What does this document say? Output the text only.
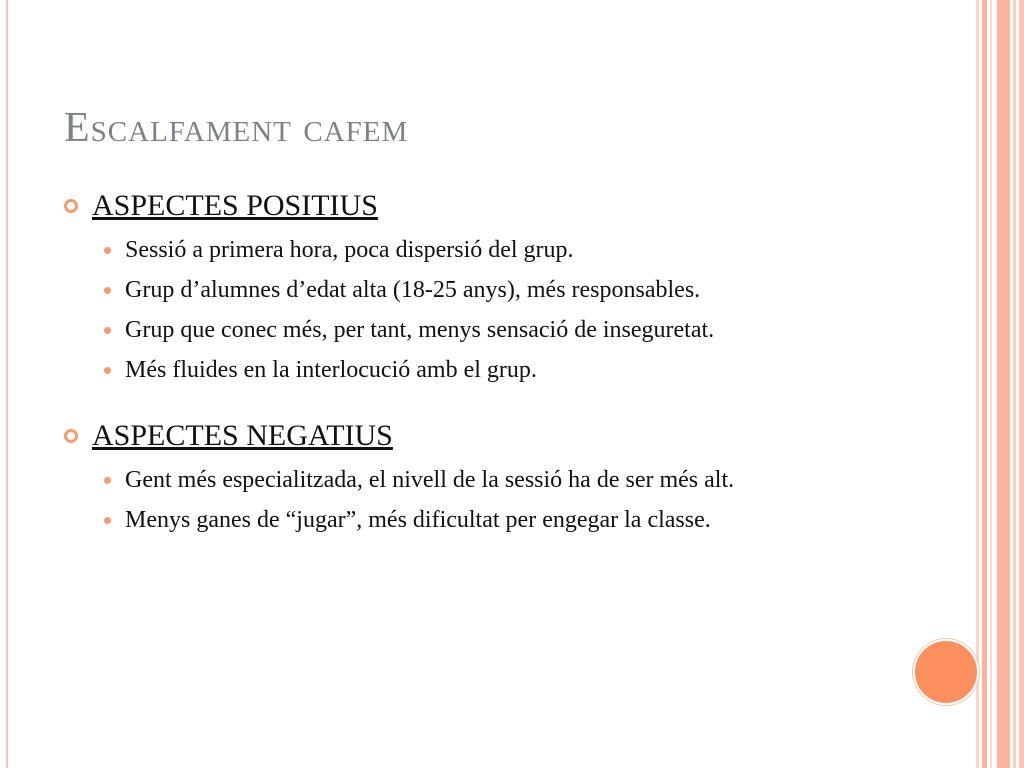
Escalfament cafem
ASPECTES POSITIUS
Sessió a primera hora, poca dispersió del grup.
Grup d’alumnes d’edat alta (18-25 anys), més responsables.
Grup que conec més, per tant, menys sensació de inseguretat.
Més fluides en la interlocució amb el grup.
ASPECTES NEGATIUS
Gent més especialitzada, el nivell de la sessió ha de ser més alt.
Menys ganes de “jugar”, més dificultat per engegar la classe.
